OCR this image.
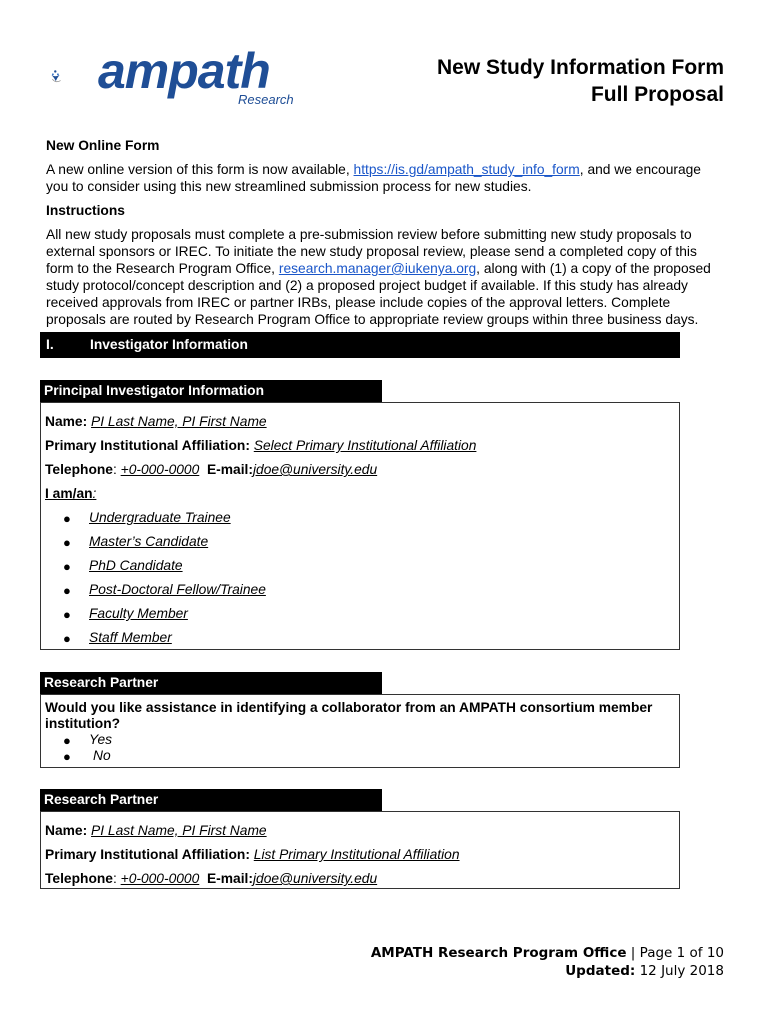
ampath
Research
New Study Information Form
Full Proposal
New Online Form
A new online version of this form is now available, https://is.gd/ampath_study_info_form, and we encourage you to consider using this new streamlined submission process for new studies.
Instructions
All new study proposals must complete a pre-submission review before submitting new study proposals to external sponsors or IREC. To initiate the new study proposal review, please send a completed copy of this form to the Research Program Office, research.manager@iukenya.org, along with (1) a copy of the proposed study protocol/concept description and (2) a proposed project budget if available. If this study has already received approvals from IREC or partner IRBs, please include copies of the approval letters. Complete proposals are routed by Research Program Office to appropriate review groups within three business days.
I.	Investigator Information
Principal Investigator Information
Name: PI Last Name, PI First Name
Primary Institutional Affiliation: Select Primary Institutional Affiliation
Telephone: +0-000-0000 E-mail:jdoe@university.edu
I am/an:
● Undergraduate Trainee
● Master’s Candidate
● PhD Candidate
● Post-Doctoral Fellow/Trainee
● Faculty Member
● Staff Member
Research Partner
Would you like assistance in identifying a collaborator from an AMPATH consortium member institution?
● Yes
● No
Research Partner
Name: PI Last Name, PI First Name
Primary Institutional Affiliation: List Primary Institutional Affiliation
Telephone: +0-000-0000 E-mail:jdoe@university.edu
AMPATH Research Program Office | Page 1 of 10
Updated: 12 July 2018
